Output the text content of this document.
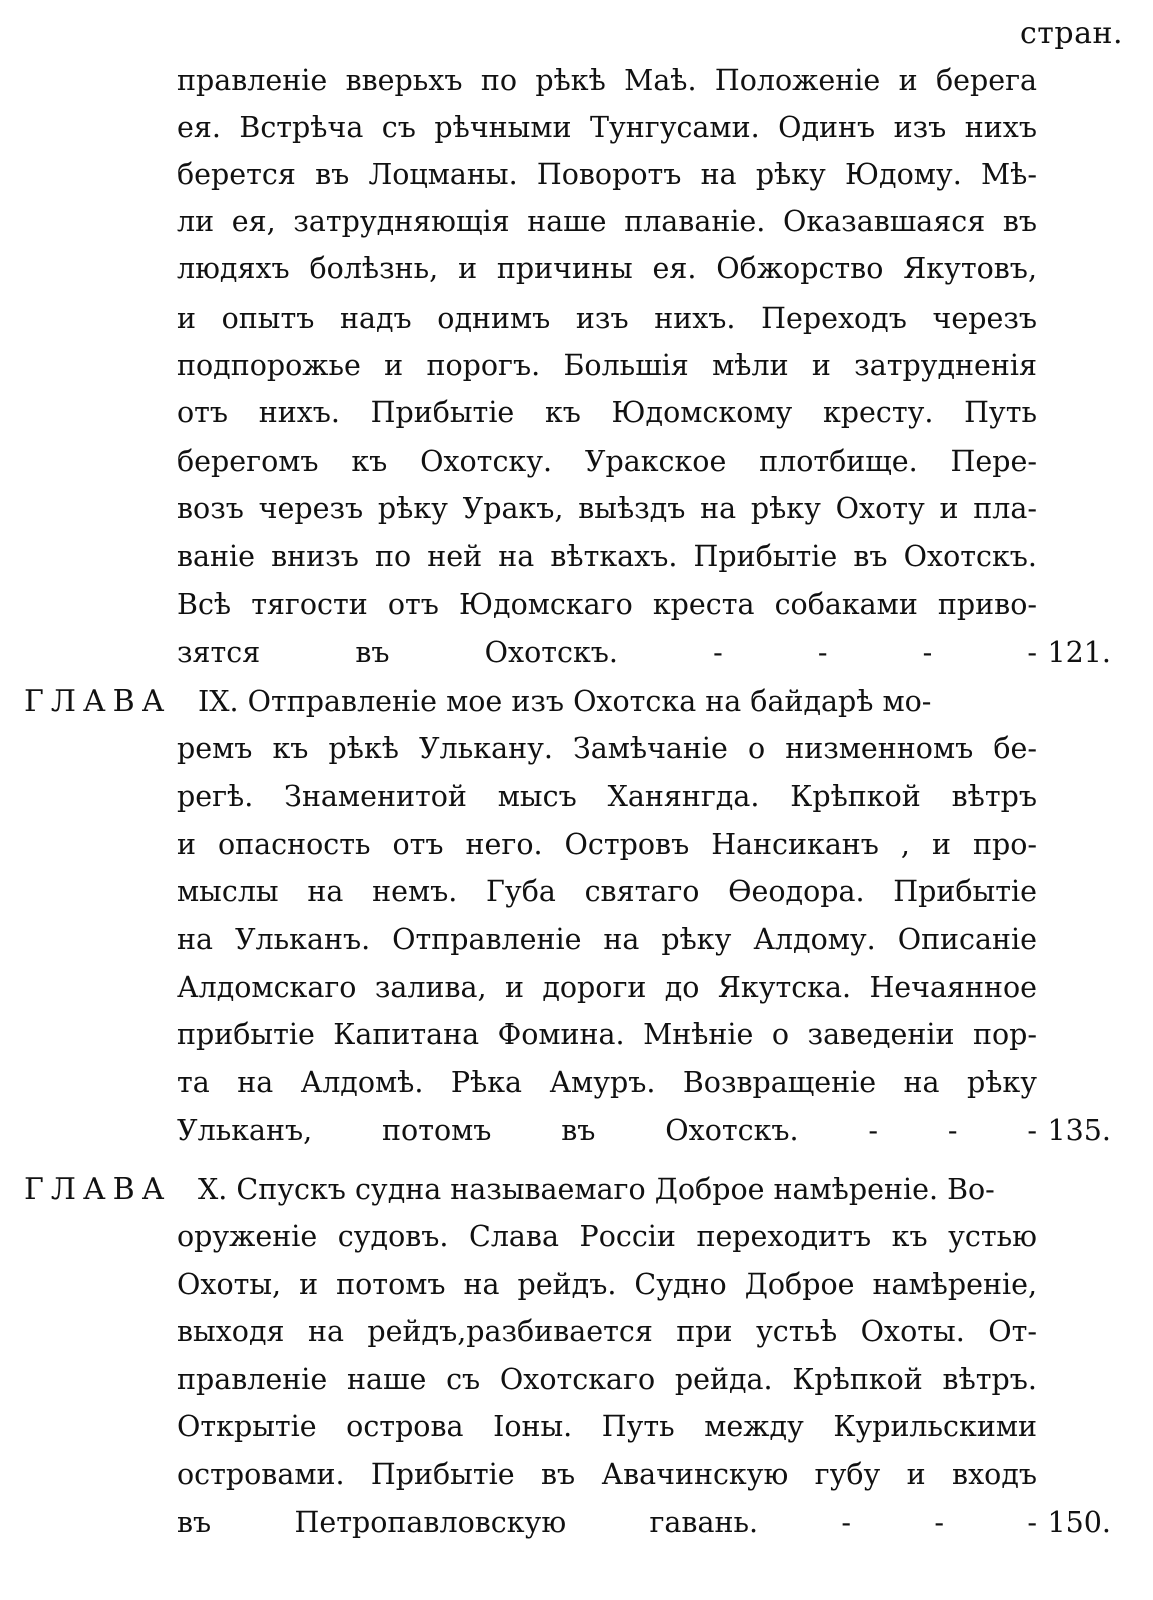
стран.
правленіе вверьхъ по рѣкѣ Маѣ. Положеніе и берега
ея. Встрѣча съ рѣчными Тунгусами. Одинъ изъ нихъ
берется въ Лоцманы. Поворотъ на рѣку Юдому. Мѣ-
ли ея, затрудняющія наше плаваніе. Оказавшаяся въ
людяхъ болѣзнь, и причины ея. Обжорство Якутовъ,
и опытъ надъ однимъ изъ нихъ. Переходъ черезъ
подпорожье и порогъ. Большія мѣли и затрудненія
отъ нихъ. Прибытіе къ Юдомскому кресту. Путь
берегомъ къ Охотску. Уракское плотбище. Пере-
возъ черезъ рѣку Уракъ, выѣздъ на рѣку Охоту и пла-
ваніе внизъ по ней на вѣткахъ. Прибытіе въ Охотскъ.
Всѣ тягости отъ Юдомскаго креста собаками приво-
зятся въ Охотскъ. - - - - 121.
ГЛАВА IX. Отправленіе мое изъ Охотска на байдарѣ мо-
ремъ къ рѣкѣ Улькану. Замѣчаніе о низменномъ бе-
регѣ. Знаменитой мысъ Ханянгда. Крѣпкой вѣтръ
и опасность отъ него. Островъ Нансиканъ , и про-
мыслы на немъ. Губа святаго Ѳеодора. Прибытіе
на Ульканъ. Отправленіе на рѣку Алдому. Описаніе
Алдомскаго залива, и дороги до Якутска. Нечаянное
прибытіе Капитана Фомина. Мнѣніе о заведеніи пор-
та на Алдомѣ. Рѣка Амуръ. Возвращеніе на рѣку
Ульканъ, потомъ въ Охотскъ. - - - 135.
ГЛАВА X. Спускъ судна называемаго Доброе намѣреніе. Во-
оруженіе судовъ. Слава Россіи переходитъ къ устью
Охоты, и потомъ на рейдъ. Судно Доброе намѣреніе,
выходя на рейдъ,разбивается при устьѣ Охоты. От-
правленіе наше съ Охотскаго рейда. Крѣпкой вѣтръ.
Открытіе острова Іоны. Путь между Курильскими
островами. Прибытіе въ Авачинскую губу и входъ
въ Петропавловскую гавань. - - - 150.
